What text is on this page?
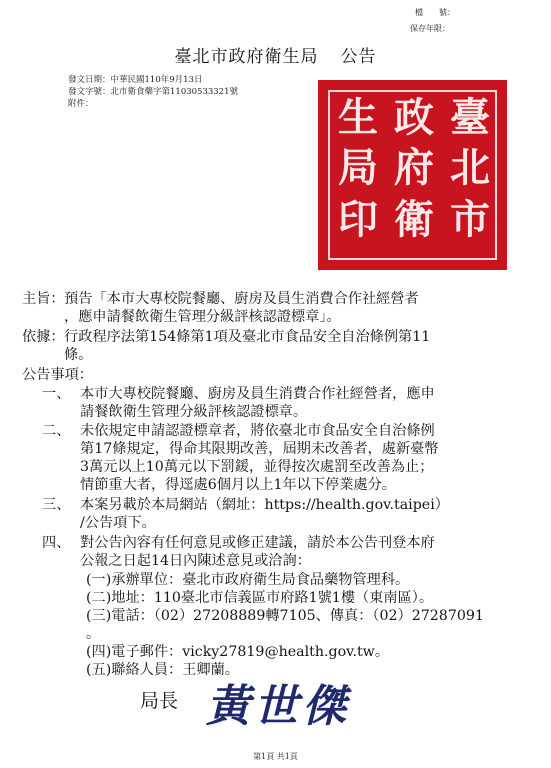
檔　　號：
保存年限：
臺北市政府衛生局 公告
發文日期：中華民國110年9月13日
發文字號：北市衛食藥字第11030533321號
附件：	臺
北
市
政
府
衛
生
局
印
主旨： 預告「本市大專校院餐廳、廚房及員生消費合作社經營者
，應申請餐飲衛生管理分級評核認證標章」。
依據： 行政程序法第154條第1項及臺北市食品安全自治條例第11
條。
公告事項：
一、 本市大專校院餐廳、廚房及員生消費合作社經營者，應申
請餐飲衛生管理分級評核認證標章。
二、 未依規定申請認證標章者，將依臺北市食品安全自治條例
第17條規定，得命其限期改善，屆期未改善者，處新臺幣
3萬元以上10萬元以下罰鍰，並得按次處罰至改善為止；
情節重大者，得逕處6個月以上1年以下停業處分。
三、 本案另載於本局網站（網址：https://health.gov.taipei）
/公告項下。
四、 對公告內容有任何意見或修正建議，請於本公告刊登本府
公報之日起14日內陳述意見或洽詢：
(一)承辦單位：臺北市政府衛生局食品藥物管理科。
(二)地址：110臺北市信義區市府路1號1樓（東南區）。
(三)電話：（02）27208889轉7105、傳真：（02）27287091
。
(四)電子郵件：vicky27819@health.gov.tw。
(五)聯絡人員：王卿蘭。
局長 黃世傑
第1頁 共1頁
